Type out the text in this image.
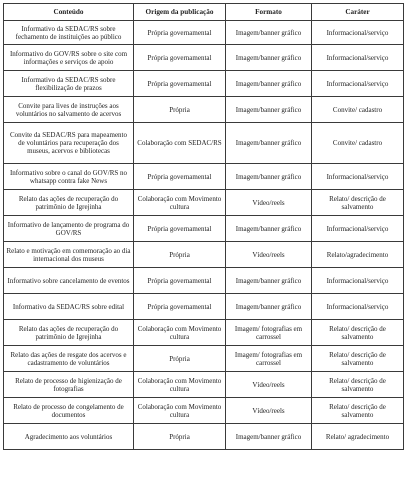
Conteúdo	Origem da publicação	Formato	Caráter
Informativo da SEDAC/RS sobre fechamento de instituições ao público	Própria governamental	Imagem/banner gráfico	Informacional/serviço
Informativo do GOV/RS sobre o site com informações e serviços de apoio	Própria governamental	Imagem/banner gráfico	Informacional/serviço
Informativo da SEDAC/RS sobre flexibilização de prazos	Própria governamental	Imagem/banner gráfico	Informacional/serviço
Convite para lives de instruções aos voluntários no salvamento de acervos	Própria	Imagem/banner gráfico	Convite/ cadastro
Convite da SEDAC/RS para mapeamento de voluntários para recuperação dos museus, acervos e bibliotecas	Colaboração com SEDAC/RS	Imagem/banner gráfico	Convite/ cadastro
Informativo sobre o canal do GOV/RS no whatsapp contra fake News	Própria governamental	Imagem/banner gráfico	Informacional/serviço
Relato das ações de recuperação do patrimônio de Igrejinha	Colaboração com Movimento cultura	Vídeo/reels	Relato/ descrição de salvamento
Informativo de lançamento de programa do GOV/RS	Própria governamental	Imagem/banner gráfico	Informacional/serviço
Relato e motivação em comemoração ao dia internacional dos museus	Própria	Vídeo/reels	Relato/agradecimento
Informativo sobre cancelamento de eventos	Própria governamental	Imagem/banner gráfico	Informacional/serviço
Informativo da SEDAC/RS sobre edital	Própria governamental	Imagem/banner gráfico	Informacional/serviço
Relato das ações de recuperação do patrimônio de Igrejinha	Colaboração com Movimento cultura	Imagem/ fotografias em carrossel	Relato/ descrição de salvamento
Relato das ações de resgate dos acervos e cadastramento de voluntários	Própria	Imagem/ fotografias em carrossel	Relato/ descrição de salvamento
Relato de processo de higienização de fotografias	Colaboração com Movimento cultura	Vídeo/reels	Relato/ descrição de salvamento
Relato de processo de congelamento de documentos	Colaboração com Movimento cultura	Vídeo/reels	Relato/ descrição de salvamento
Agradecimento aos voluntários	Própria	Imagem/banner gráfico	Relato/ agradecimento
